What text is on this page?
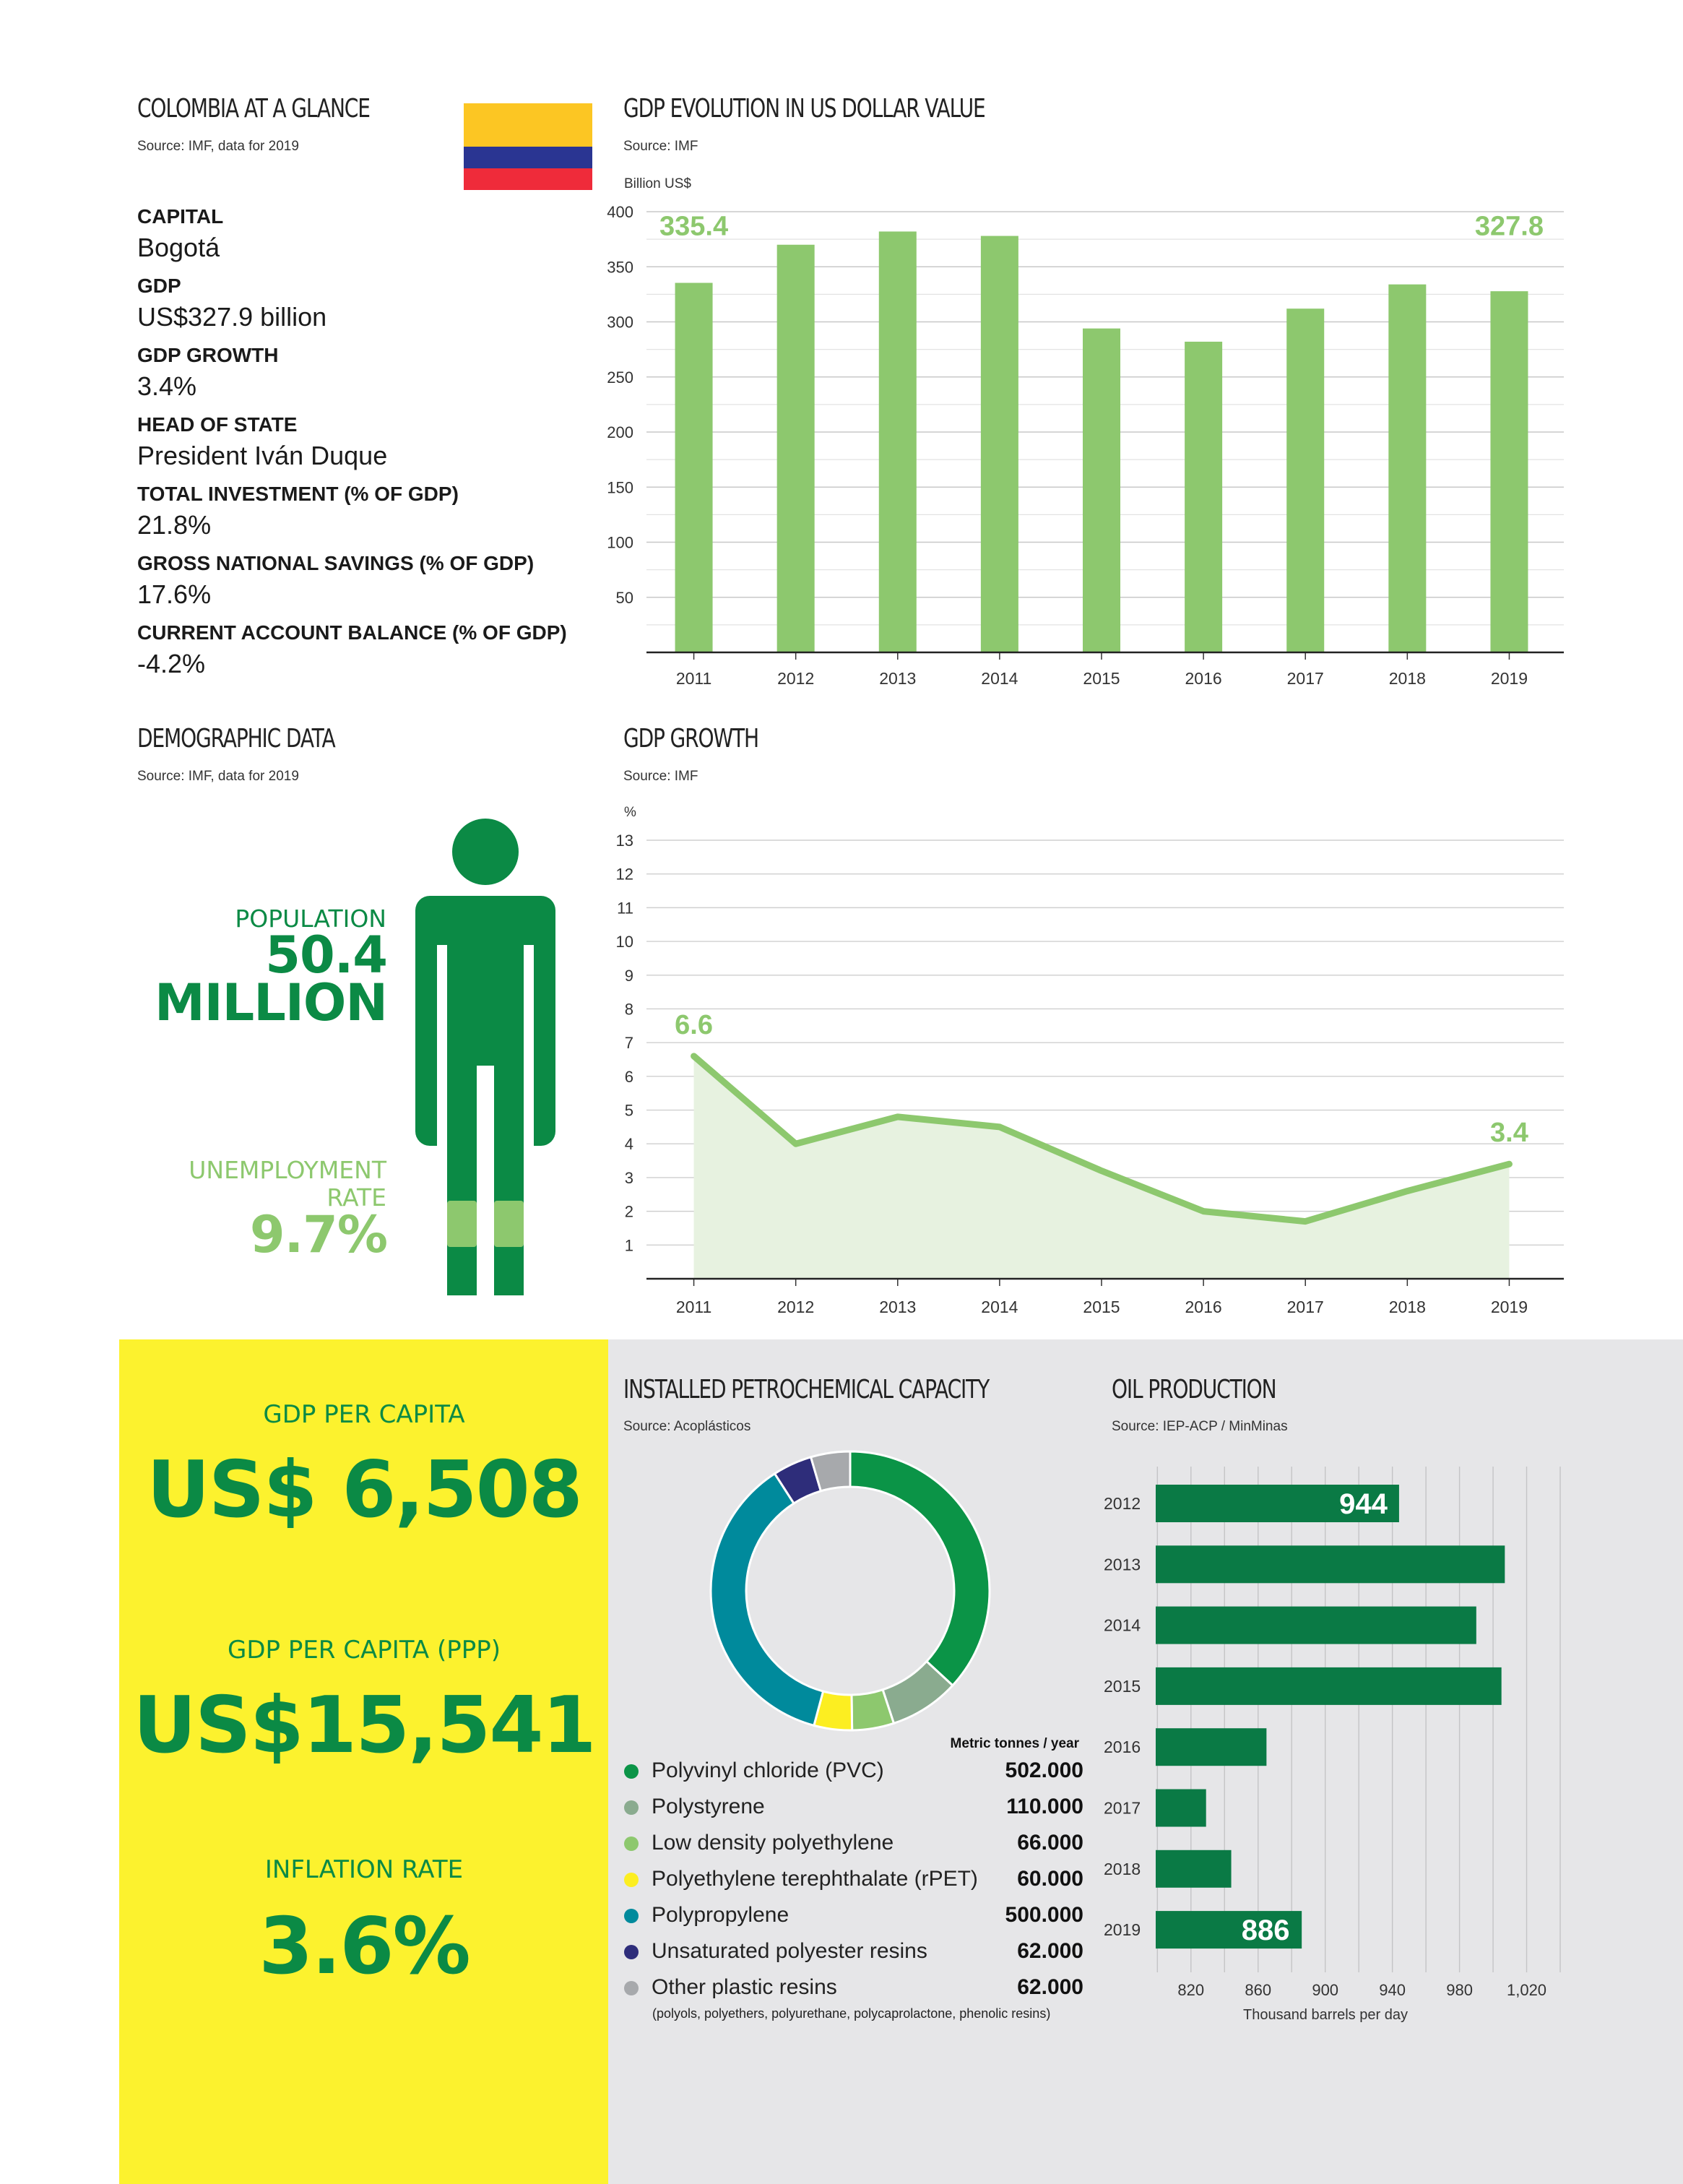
COLOMBIA AT A GLANCE
Source: IMF, data for 2019
CAPITAL
Bogotá
GDP
US$327.9 billion
GDP GROWTH
3.4%
HEAD OF STATE
President Iván Duque
TOTAL INVESTMENT (% OF GDP)
21.8%
GROSS NATIONAL SAVINGS (% OF GDP)
17.6%
CURRENT ACCOUNT BALANCE (% OF GDP)
-4.2%
GDP EVOLUTION IN US DOLLAR VALUE
Source: IMF
Billion US$
50
100
150
200
250
300
350
400
2011	2012	2013	2014	2015	2016	2017	2018	2019
335.4	327.8
DEMOGRAPHIC DATA
Source: IMF, data for 2019
POPULATION
50.4
MILLION
UNEMPLOYMENT
RATE
9.7%
GDP GROWTH
Source: IMF
%
1
2
3
4
5
6
7
8
9
10
11
12
13
2011	2012	2013	2014	2015	2016	2017	2018	2019
6.6
3.4
GDP PER CAPITA
US$ 6,508
GDP PER CAPITA (PPP)
US$15,541
INFLATION RATE
3.6%
INSTALLED PETROCHEMICAL CAPACITY
Source: Acoplásticos
Metric tonnes / year
Polyvinyl chloride (PVC)	502.000
Polystyrene	110.000
Low density polyethylene	66.000
Polyethylene terephthalate (rPET) 60.000
Polypropylene	500.000
Unsaturated polyester resins	62.000
Other plastic resins	62.000
(polyols, polyethers, polyurethane, polycaprolactone, phenolic resins)
OIL PRODUCTION
Source: IEP-ACP / MinMinas
820	860	900	940	980 1,020
Thousand barrels per day
2012
2013
2014
2015
2016
2017
2018
2019
944
886
